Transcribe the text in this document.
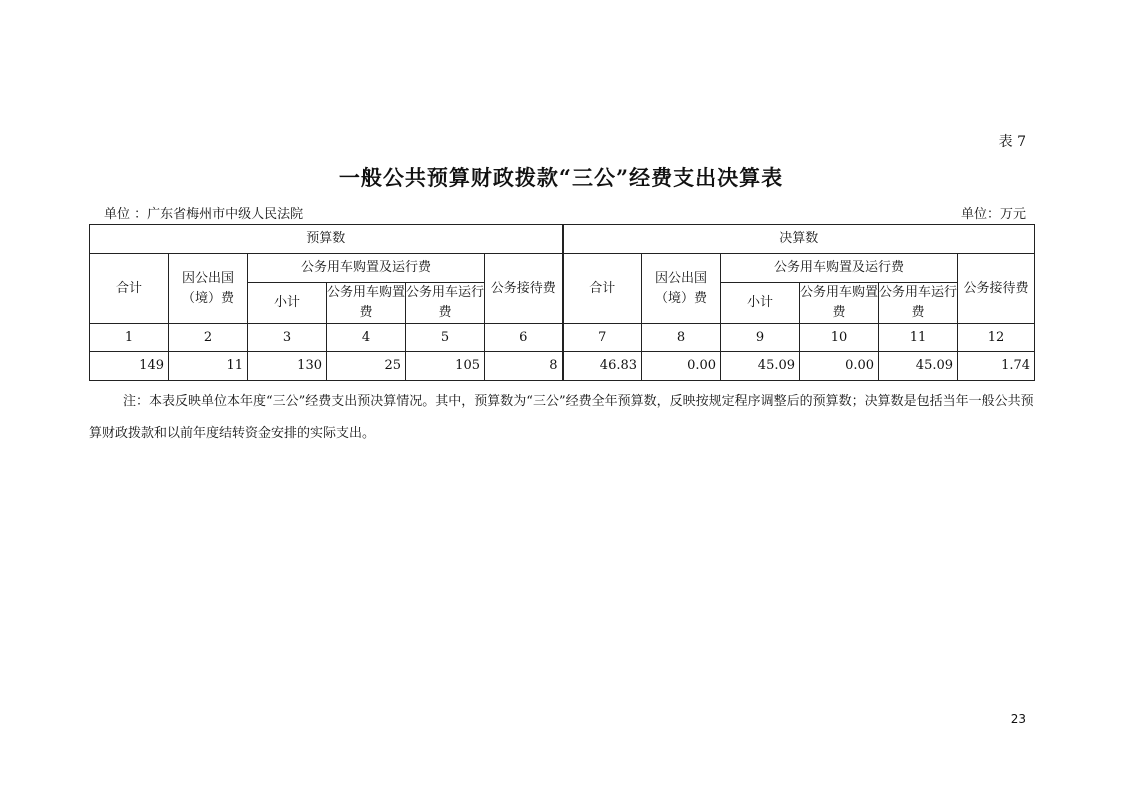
表 7
一般公共预算财政拨款“三公”经费支出决算表
单位 ：广东省梅州市中级人民法院	单位：万元
预算数						决算数					
合计	因公出国（境）费	公务用车购置及运行费			公务接待费	合计	因公出国（境）费	公务用车购置及运行费			公务接待费
		小计	公务用车购置费	公务用车运行费				小计	公务用车购置费	公务用车运行费	
1	2	3	4	5	6	7	8	9	10	11	12
149	11	130	25	105	8	46.83	0.00	45.09	0.00	45.09	1.74
注：本表反映单位本年度“三公”经费支出预决算情况。其中，预算数为“三公”经费全年预算数，反映按规定程序调整后的预算数；决算数是包括当年一般公共预算财政拨款和以前年度结转资金安排的实际支出。
23
